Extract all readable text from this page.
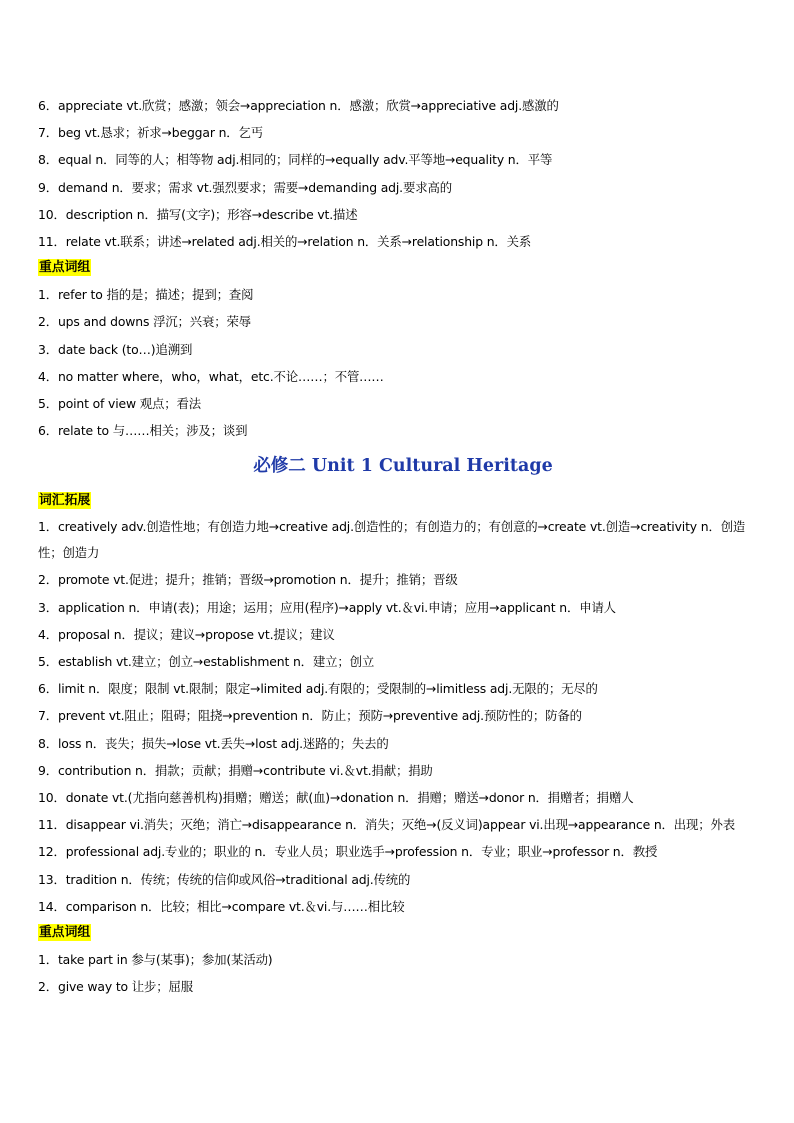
6．appreciate vt.欣赏；感激；领会→appreciation n．感激；欣赏→appreciative adj.感激的
7．beg vt.恳求；祈求→beggar n．乞丐
8．equal n．同等的人；相等物 adj.相同的；同样的→equally adv.平等地→equality n．平等
9．demand n．要求；需求 vt.强烈要求；需要→demanding adj.要求高的
10．description n．描写(文字)；形容→describe vt.描述
11．relate vt.联系；讲述→related adj.相关的→relation n．关系→relationship n．关系
重点词组
1．refer to 指的是；描述；提到；查阅
2．ups and downs 浮沉；兴衰；荣辱
3．date back (to…)追溯到
4．no matter where，who，what，etc.不论……；不管……
5．point of view 观点；看法
6．relate to 与……相关；涉及；谈到
必修二 Unit 1 Cultural Heritage
词汇拓展
1．creatively adv.创造性地；有创造力地→creative adj.创造性的；有创造力的；有创意的→create vt.创造→creativity n．创造性；创造力
2．promote vt.促进；提升；推销；晋级→promotion n．提升；推销；晋级
3．application n．申请(表)；用途；运用；应用(程序)→apply vt.＆vi.申请；应用→applicant n．申请人
4．proposal n．提议；建议→propose vt.提议；建议
5．establish vt.建立；创立→establishment n．建立；创立
6．limit n．限度；限制 vt.限制；限定→limited adj.有限的；受限制的→limitless adj.无限的；无尽的
7．prevent vt.阻止；阻碍；阻挠→prevention n．防止；预防→preventive adj.预防性的；防备的
8．loss n．丧失；损失→lose vt.丢失→lost adj.迷路的；失去的
9．contribution n．捐款；贡献；捐赠→contribute vi.＆vt.捐献；捐助
10．donate vt.(尤指向慈善机构)捐赠；赠送；献(血)→donation n．捐赠；赠送→donor n．捐赠者；捐赠人
11．disappear vi.消失；灭绝；消亡→disappearance n．消失；灭绝→(反义词)appear vi.出现→appearance n．出现；外表
12．professional adj.专业的；职业的 n．专业人员；职业选手→profession n．专业；职业→professor n．教授
13．tradition n．传统；传统的信仰或风俗→traditional adj.传统的
14．comparison n．比较；相比→compare vt.＆vi.与……相比较
重点词组
1．take part in 参与(某事)；参加(某活动)
2．give way to 让步；屈服
